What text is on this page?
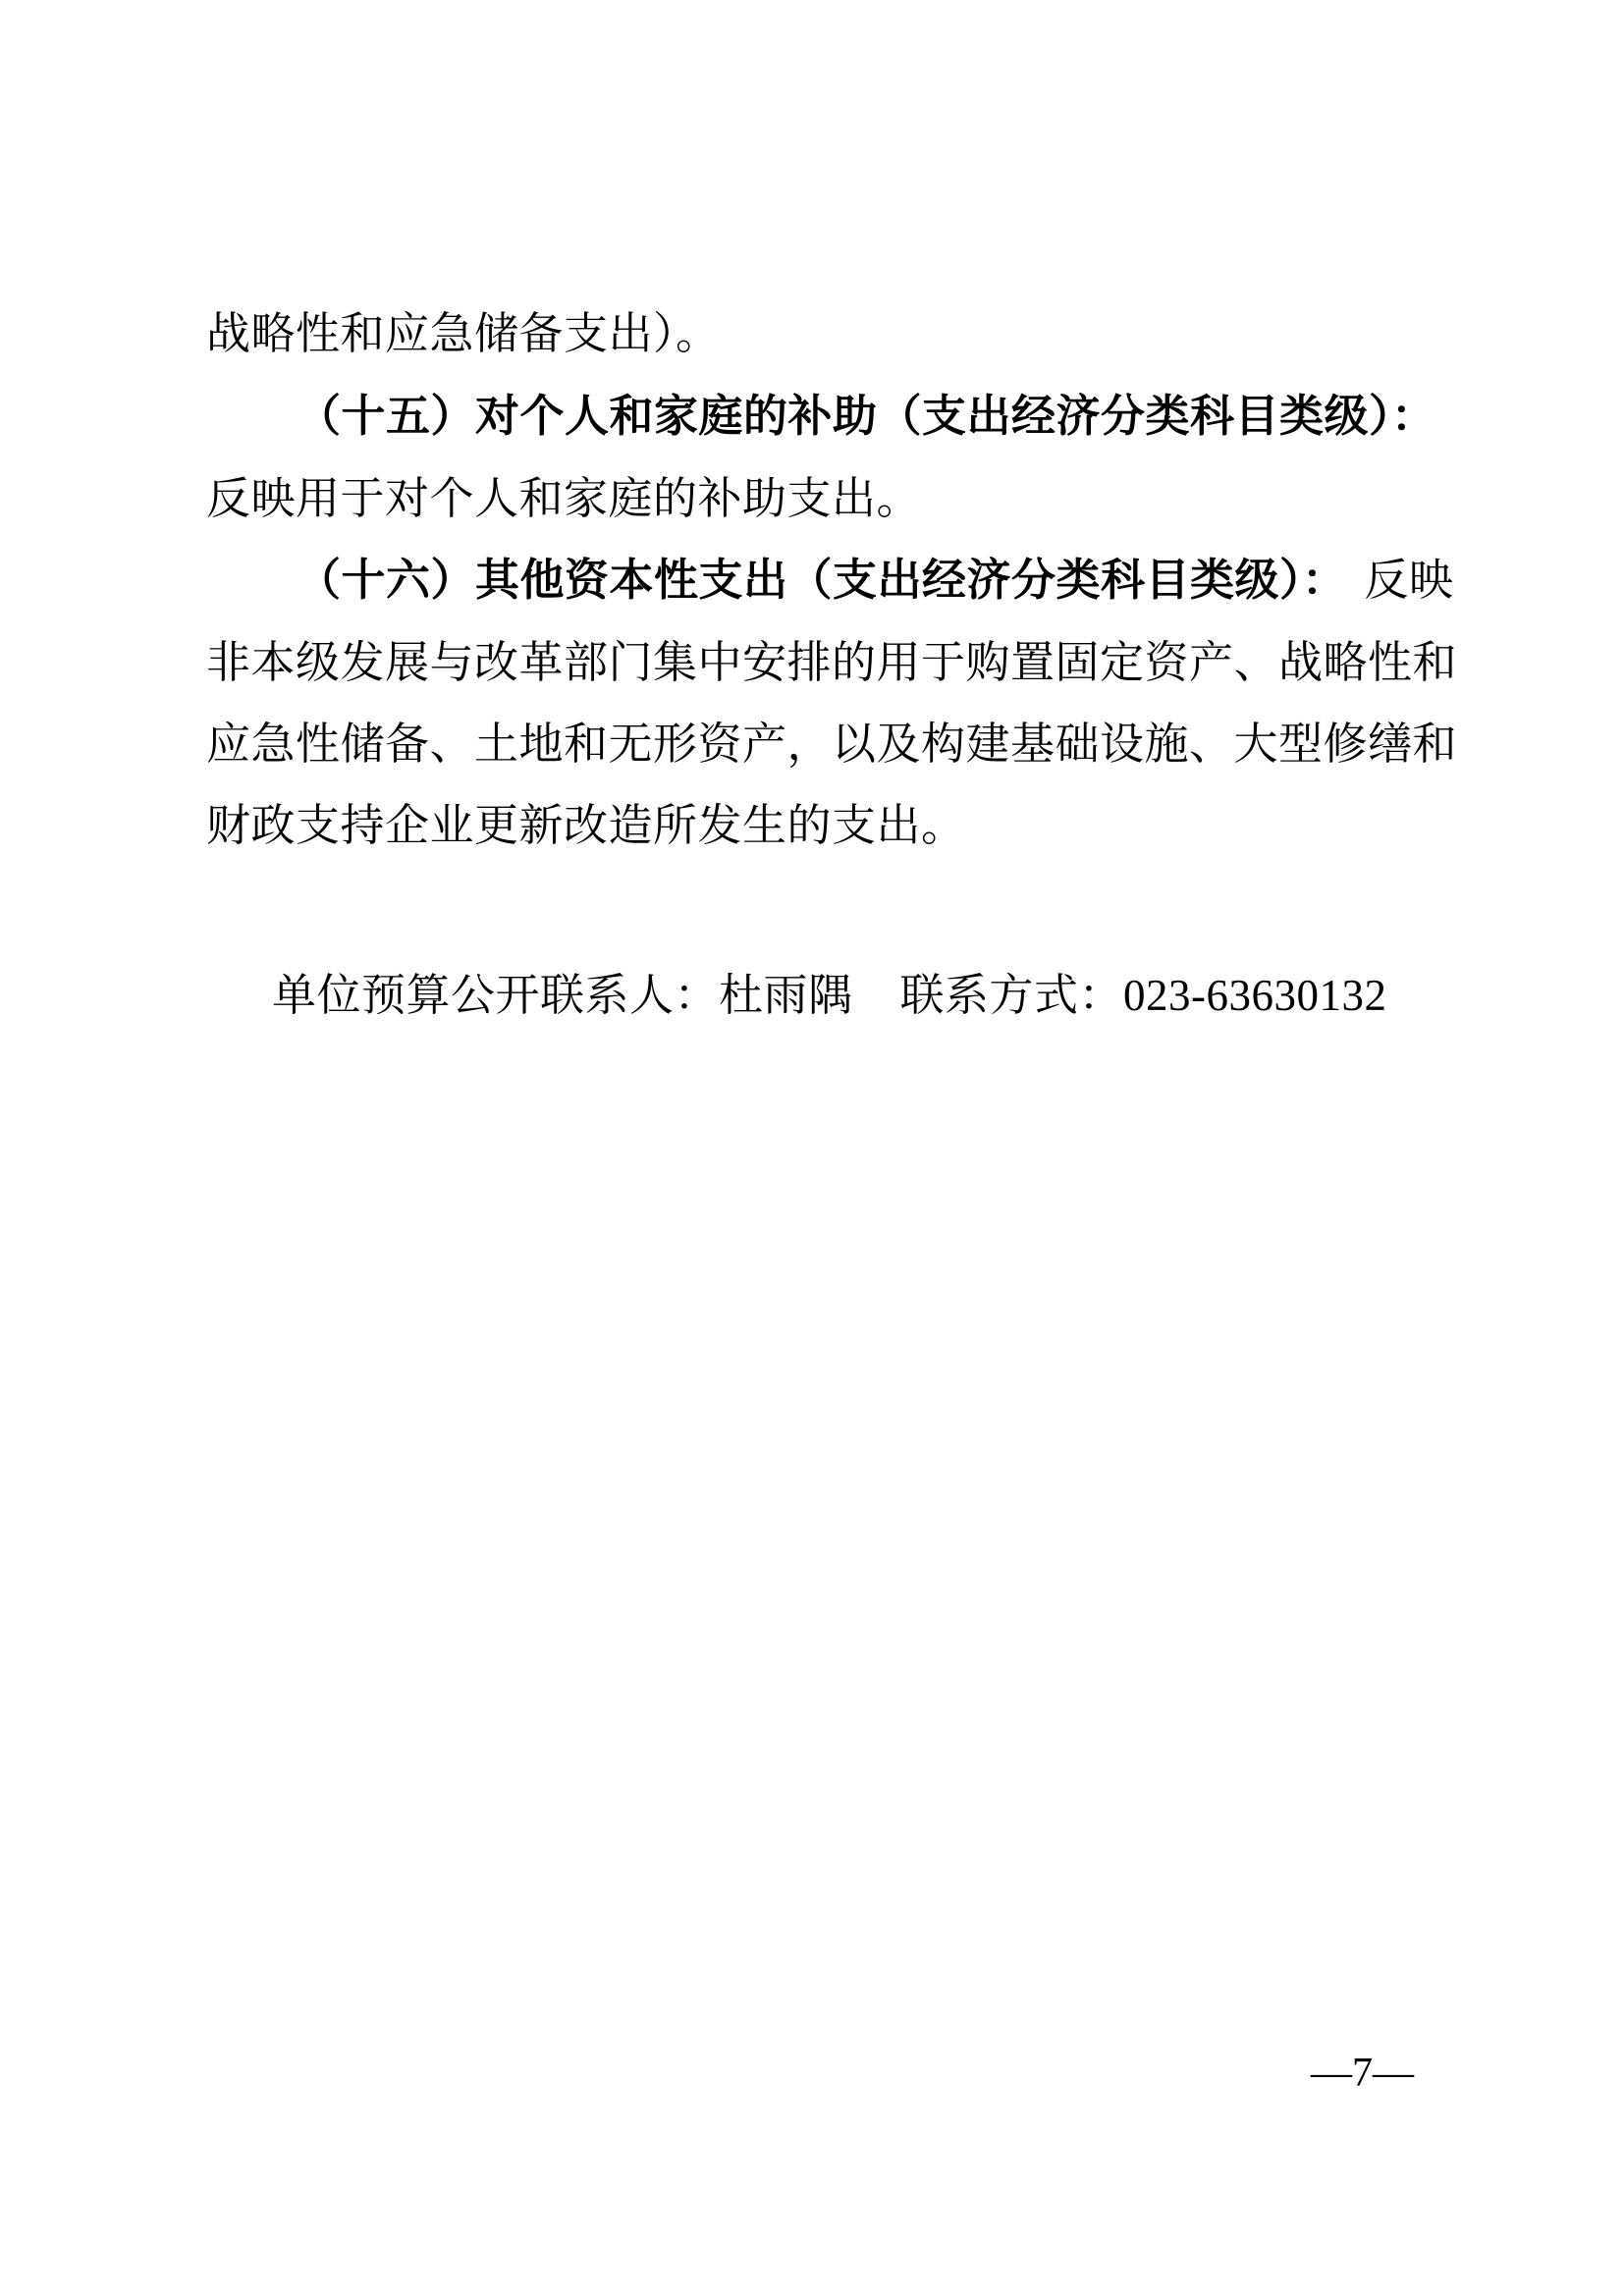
战略性和应急储备支出）。
（十五）对个人和家庭的补助（支出经济分类科目类级）：
反映用于对个人和家庭的补助支出。
（十六）其他资本性支出（支出经济分类科目类级）： 反映
非本级发展与改革部门集中安排的用于购置固定资产、战略性和
应急性储备、土地和无形资产，以及构建基础设施、大型修缮和
财政支持企业更新改造所发生的支出。
单位预算公开联系人：杜雨隅 联系方式：023-63630132
—7—
